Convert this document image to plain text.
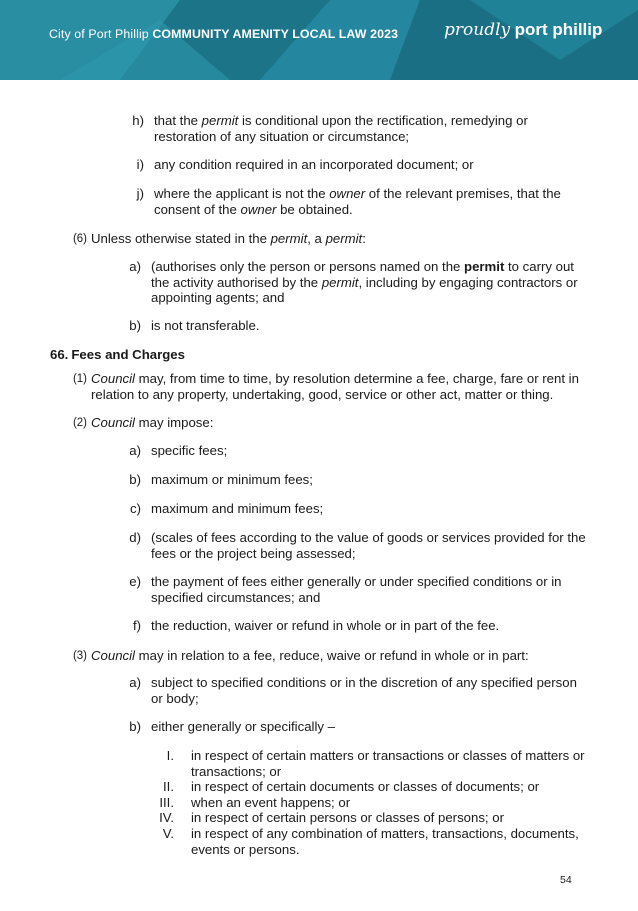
City of Port Phillip COMMUNITY AMENITY LOCAL LAW 2023	proudly port phillip
h) that the permit is conditional upon the rectification, remedying or restoration of any situation or circumstance;
i) any condition required in an incorporated document; or
j) where the applicant is not the owner of the relevant premises, that the consent of the owner be obtained.
(6) Unless otherwise stated in the permit, a permit:
a) (authorises only the person or persons named on the permit to carry out the activity authorised by the permit, including by engaging contractors or appointing agents; and
b) is not transferable.
66. Fees and Charges
(1) Council may, from time to time, by resolution determine a fee, charge, fare or rent in relation to any property, undertaking, good, service or other act, matter or thing.
(2) Council may impose:
a) specific fees;
b) maximum or minimum fees;
c) maximum and minimum fees;
d) (scales of fees according to the value of goods or services provided for the fees or the project being assessed;
e) the payment of fees either generally or under specified conditions or in specified circumstances; and
f) the reduction, waiver or refund in whole or in part of the fee.
(3) Council may in relation to a fee, reduce, waive or refund in whole or in part:
a) subject to specified conditions or in the discretion of any specified person or body;
b) either generally or specifically –
I. in respect of certain matters or transactions or classes of matters or transactions; or
II. in respect of certain documents or classes of documents; or
III. when an event happens; or
IV. in respect of certain persons or classes of persons; or
V. in respect of any combination of matters, transactions, documents, events or persons.
54
